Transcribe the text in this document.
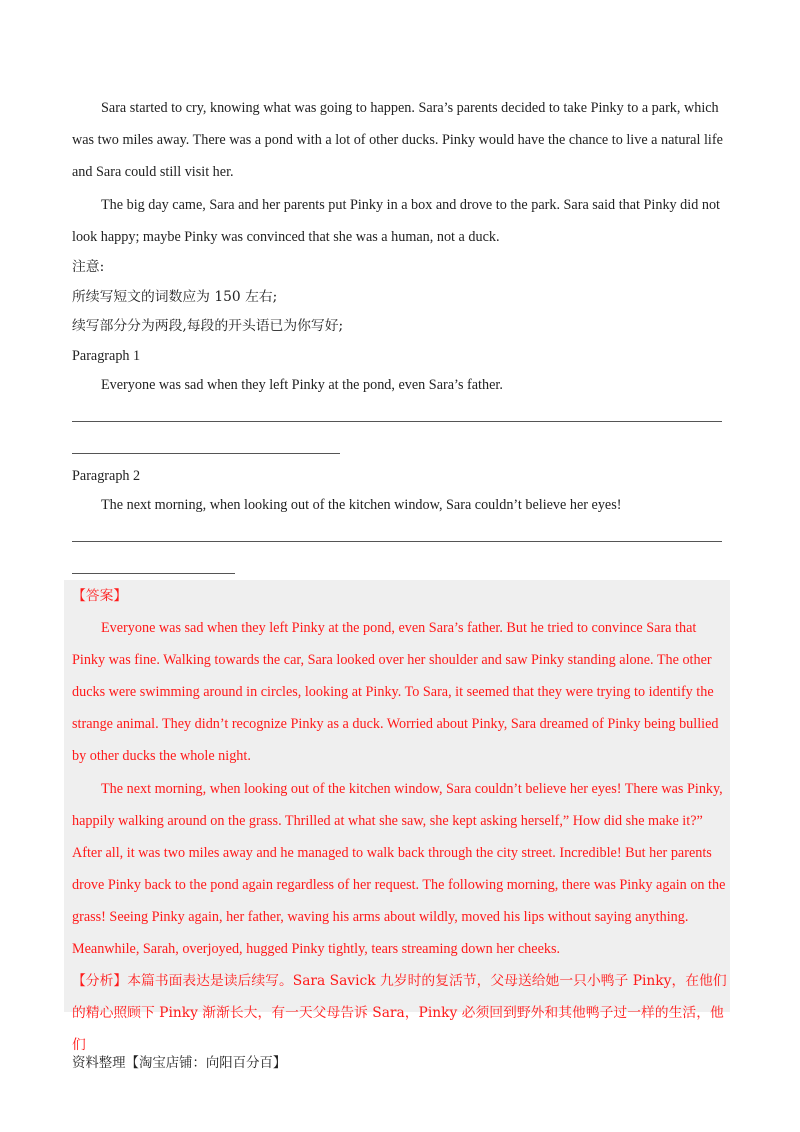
Sara started to cry, knowing what was going to happen. Sara’s parents decided to take Pinky to a park, which was two miles away. There was a pond with a lot of other ducks. Pinky would have the chance to live a natural life and Sara could still visit her.

The big day came, Sara and her parents put Pinky in a box and drove to the park. Sara said that Pinky did not look happy; maybe Pinky was convinced that she was a human, not a duck.

注意:

所续写短文的词数应为 150 左右;

续写部分分为两段,每段的开头语已为你写好;

Paragraph 1

Everyone was sad when they left Pinky at the pond, even Sara’s father.

Paragraph 2

The next morning, when looking out of the kitchen window, Sara couldn’t believe her eyes!

【答案】

Everyone was sad when they left Pinky at the pond, even Sara’s father. But he tried to convince Sara that Pinky was fine. Walking towards the car, Sara looked over her shoulder and saw Pinky standing alone. The other ducks were swimming around in circles, looking at Pinky. To Sara, it seemed that they were trying to identify the strange animal. They didn’t recognize Pinky as a duck. Worried about Pinky, Sara dreamed of Pinky being bullied by other ducks the whole night.

The next morning, when looking out of the kitchen window, Sara couldn’t believe her eyes! There was Pinky, happily walking around on the grass. Thrilled at what she saw, she kept asking herself,” How did she make it?” After all, it was two miles away and he managed to walk back through the city street. Incredible! But her parents drove Pinky back to the pond again regardless of her request. The following morning, there was Pinky again on the grass! Seeing Pinky again, her father, waving his arms about wildly, moved his lips without saying anything. Meanwhile, Sarah, overjoyed, hugged Pinky tightly, tears streaming down her cheeks.

【分析】本篇书面表达是读后续写。Sara Savick 九岁时的复活节，父母送给她一只小鸭子 Pinky，在他们的精心照顾下 Pinky 渐渐长大，有一天父母告诉 Sara，Pinky 必须回到野外和其他鸭子过一样的生活，他们

资料整理【淘宝店铺：向阳百分百】
